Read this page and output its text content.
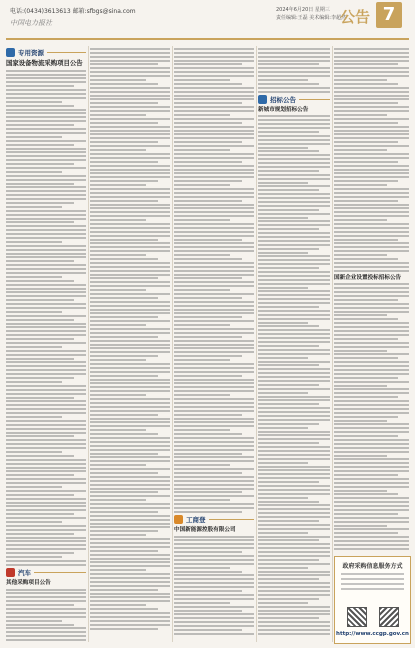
电话:(0434)3613613 邮箱:sfbgs@sina.com
中国电力报社
2024年6月20日 星期三
责任编辑:王磊 美术编辑:李超然
公告 7
专用资源
国家设备物流采购项目公告
汽车
其他采购项目公告
工商登
中国新能源控股有限公司
招标公告
新城市规划招标公告
国新企业设置投标招标公告
政府采购信息服务方式
http://www.ccgp.gov.cn
